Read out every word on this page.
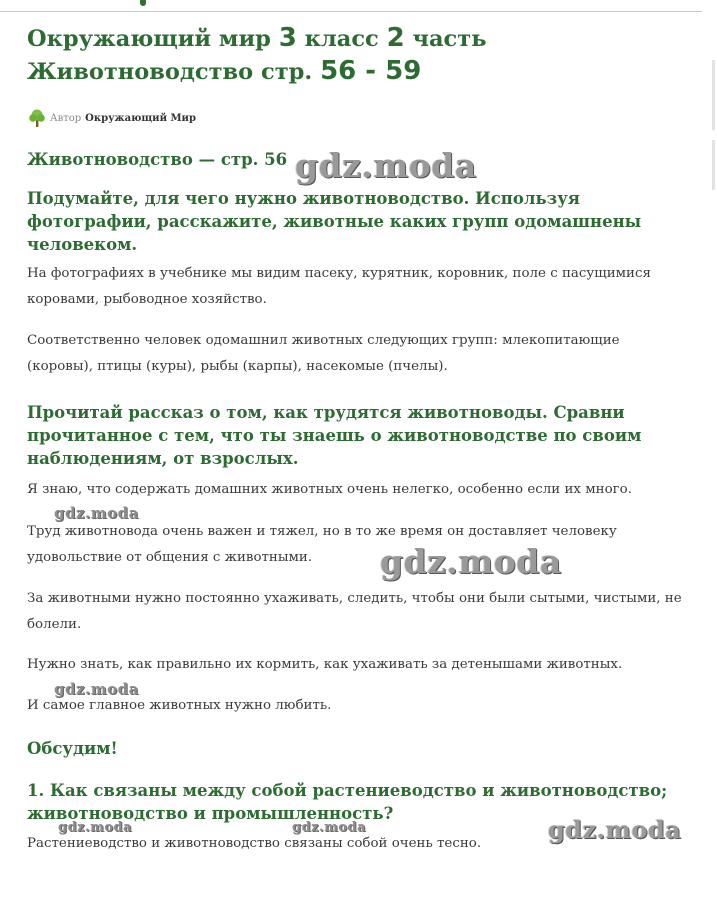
Окружающий мир 3 класс 2 часть Животноводство стр. 56 - 59
Автор Окружающий Мир
Животноводство — стр. 56
Подумайте, для чего нужно животноводство. Используя фотографии, расскажите, животные каких групп одомашнены человеком.

На фотографиях в учебнике мы видим пасеку, курятник, коровник, поле с пасущимися коровами, рыбоводное хозяйство.

Соответственно человек одомашнил животных следующих групп: млекопитающие (коровы), птицы (куры), рыбы (карпы), насекомые (пчелы).

Прочитай рассказ о том, как трудятся животноводы. Сравни прочитанное с тем, что ты знаешь о животноводстве по своим наблюдениям, от взрослых.

Я знаю, что содержать домашних животных очень нелегко, особенно если их много.

Труд животновода очень важен и тяжел, но в то же время он доставляет человеку удовольствие от общения с животными.

За животными нужно постоянно ухаживать, следить, чтобы они были сытыми, чистыми, не болели.

Нужно знать, как правильно их кормить, как ухаживать за детенышами животных.

И самое главное животных нужно любить.

Обсудим!
1. Как связаны между собой растениеводство и животноводство; животноводство и промышленность?

Растениеводство и животноводство связаны собой очень тесно.

gdz.moda
gdz.moda
gdz.moda
gdz.moda
gdz.moda	gdz.moda	gdz.moda
